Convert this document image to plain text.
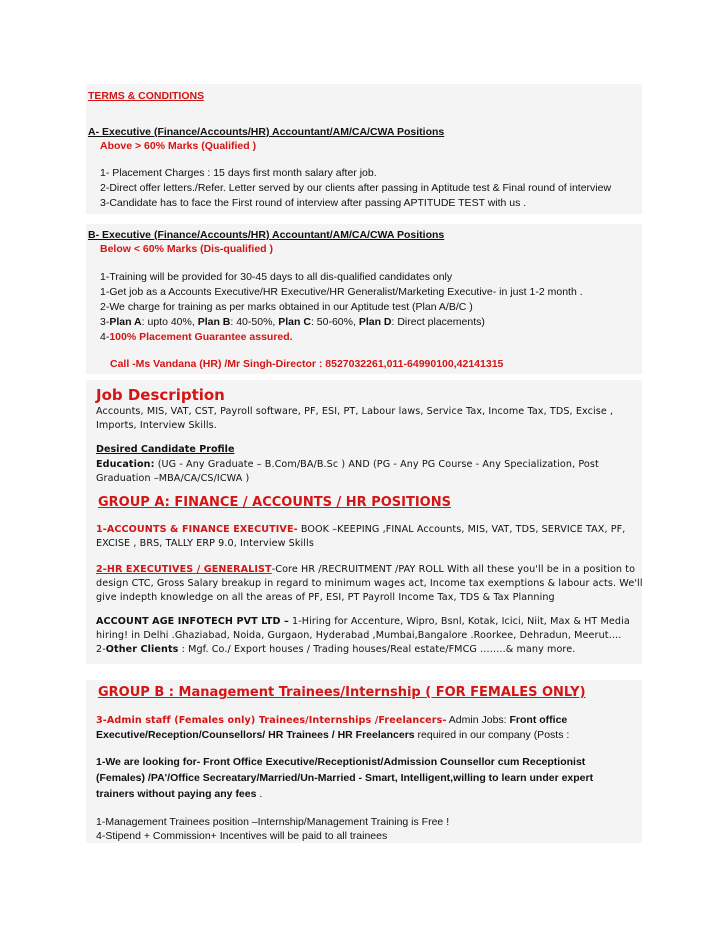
TERMS & CONDITIONS
A- Executive (Finance/Accounts/HR) Accountant/AM/CA/CWA Positions
Above > 60% Marks (Qualified )
1- Placement Charges : 15 days first month salary after job.
2-Direct offer letters./Refer. Letter served by our clients after passing in Aptitude test & Final round of interview
3-Candidate has to face the First round of interview after passing APTITUDE TEST with us .
B- Executive (Finance/Accounts/HR) Accountant/AM/CA/CWA Positions
Below < 60% Marks (Dis-qualified )
1-Training will be provided for 30-45 days to all dis-qualified candidates only
1-Get job as a Accounts Executive/HR Executive/HR Generalist/Marketing Executive- in just 1-2 month .
2-We charge for training as per marks obtained in our Aptitude test (Plan A/B/C )
3-Plan A: upto 40%, Plan B: 40-50%, Plan C: 50-60%, Plan D: Direct placements)
4-100% Placement Guarantee assured.
Call -Ms Vandana (HR) /Mr Singh-Director : 8527032261,011-64990100,42141315
Job Description
Accounts, MIS, VAT, CST, Payroll software, PF, ESI, PT, Labour laws, Service Tax, Income Tax, TDS, Excise ,
Imports, Interview Skills.
Desired Candidate Profile
Education: (UG - Any Graduate – B.Com/BA/B.Sc ) AND (PG - Any PG Course - Any Specialization, Post
Graduation –MBA/CA/CS/ICWA )
GROUP A: FINANCE / ACCOUNTS / HR POSITIONS
1-ACCOUNTS & FINANCE EXECUTIVE- BOOK –KEEPING ,FINAL Accounts, MIS, VAT, TDS, SERVICE TAX, PF,
EXCISE , BRS, TALLY ERP 9.0, Interview Skills
2-HR EXECUTIVES / GENERALIST-Core HR /RECRUITMENT /PAY ROLL With all these you'll be in a position to
design CTC, Gross Salary breakup in regard to minimum wages act, Income tax exemptions & labour acts. We'll
give indepth knowledge on all the areas of PF, ESI, PT Payroll Income Tax, TDS & Tax Planning
ACCOUNT AGE INFOTECH PVT LTD – 1-Hiring for Accenture, Wipro, Bsnl, Kotak, Icici, Niit, Max & HT Media
hiring! in Delhi .Ghaziabad, Noida, Gurgaon, Hyderabad ,Mumbai,Bangalore .Roorkee, Dehradun, Meerut….
2-Other Clients : Mgf. Co./ Export houses / Trading houses/Real estate/FMCG ……..& many more.
GROUP B : Management Trainees/Internship ( FOR FEMALES ONLY)
3-Admin staff (Females only) Trainees/Internships /Freelancers- Admin Jobs: Front office
Executive/Reception/Counsellors/ HR Trainees / HR Freelancers required in our company (Posts :
1-We are looking for- Front Office Executive/Receptionist/Admission Counsellor cum Receptionist
(Females) /PA'/Office Secreatary/Married/Un-Married - Smart, Intelligent,willing to learn under expert
trainers without paying any fees .
1-Management Trainees position –Internship/Management Training is Free !
4-Stipend + Commission+ Incentives will be paid to all trainees
